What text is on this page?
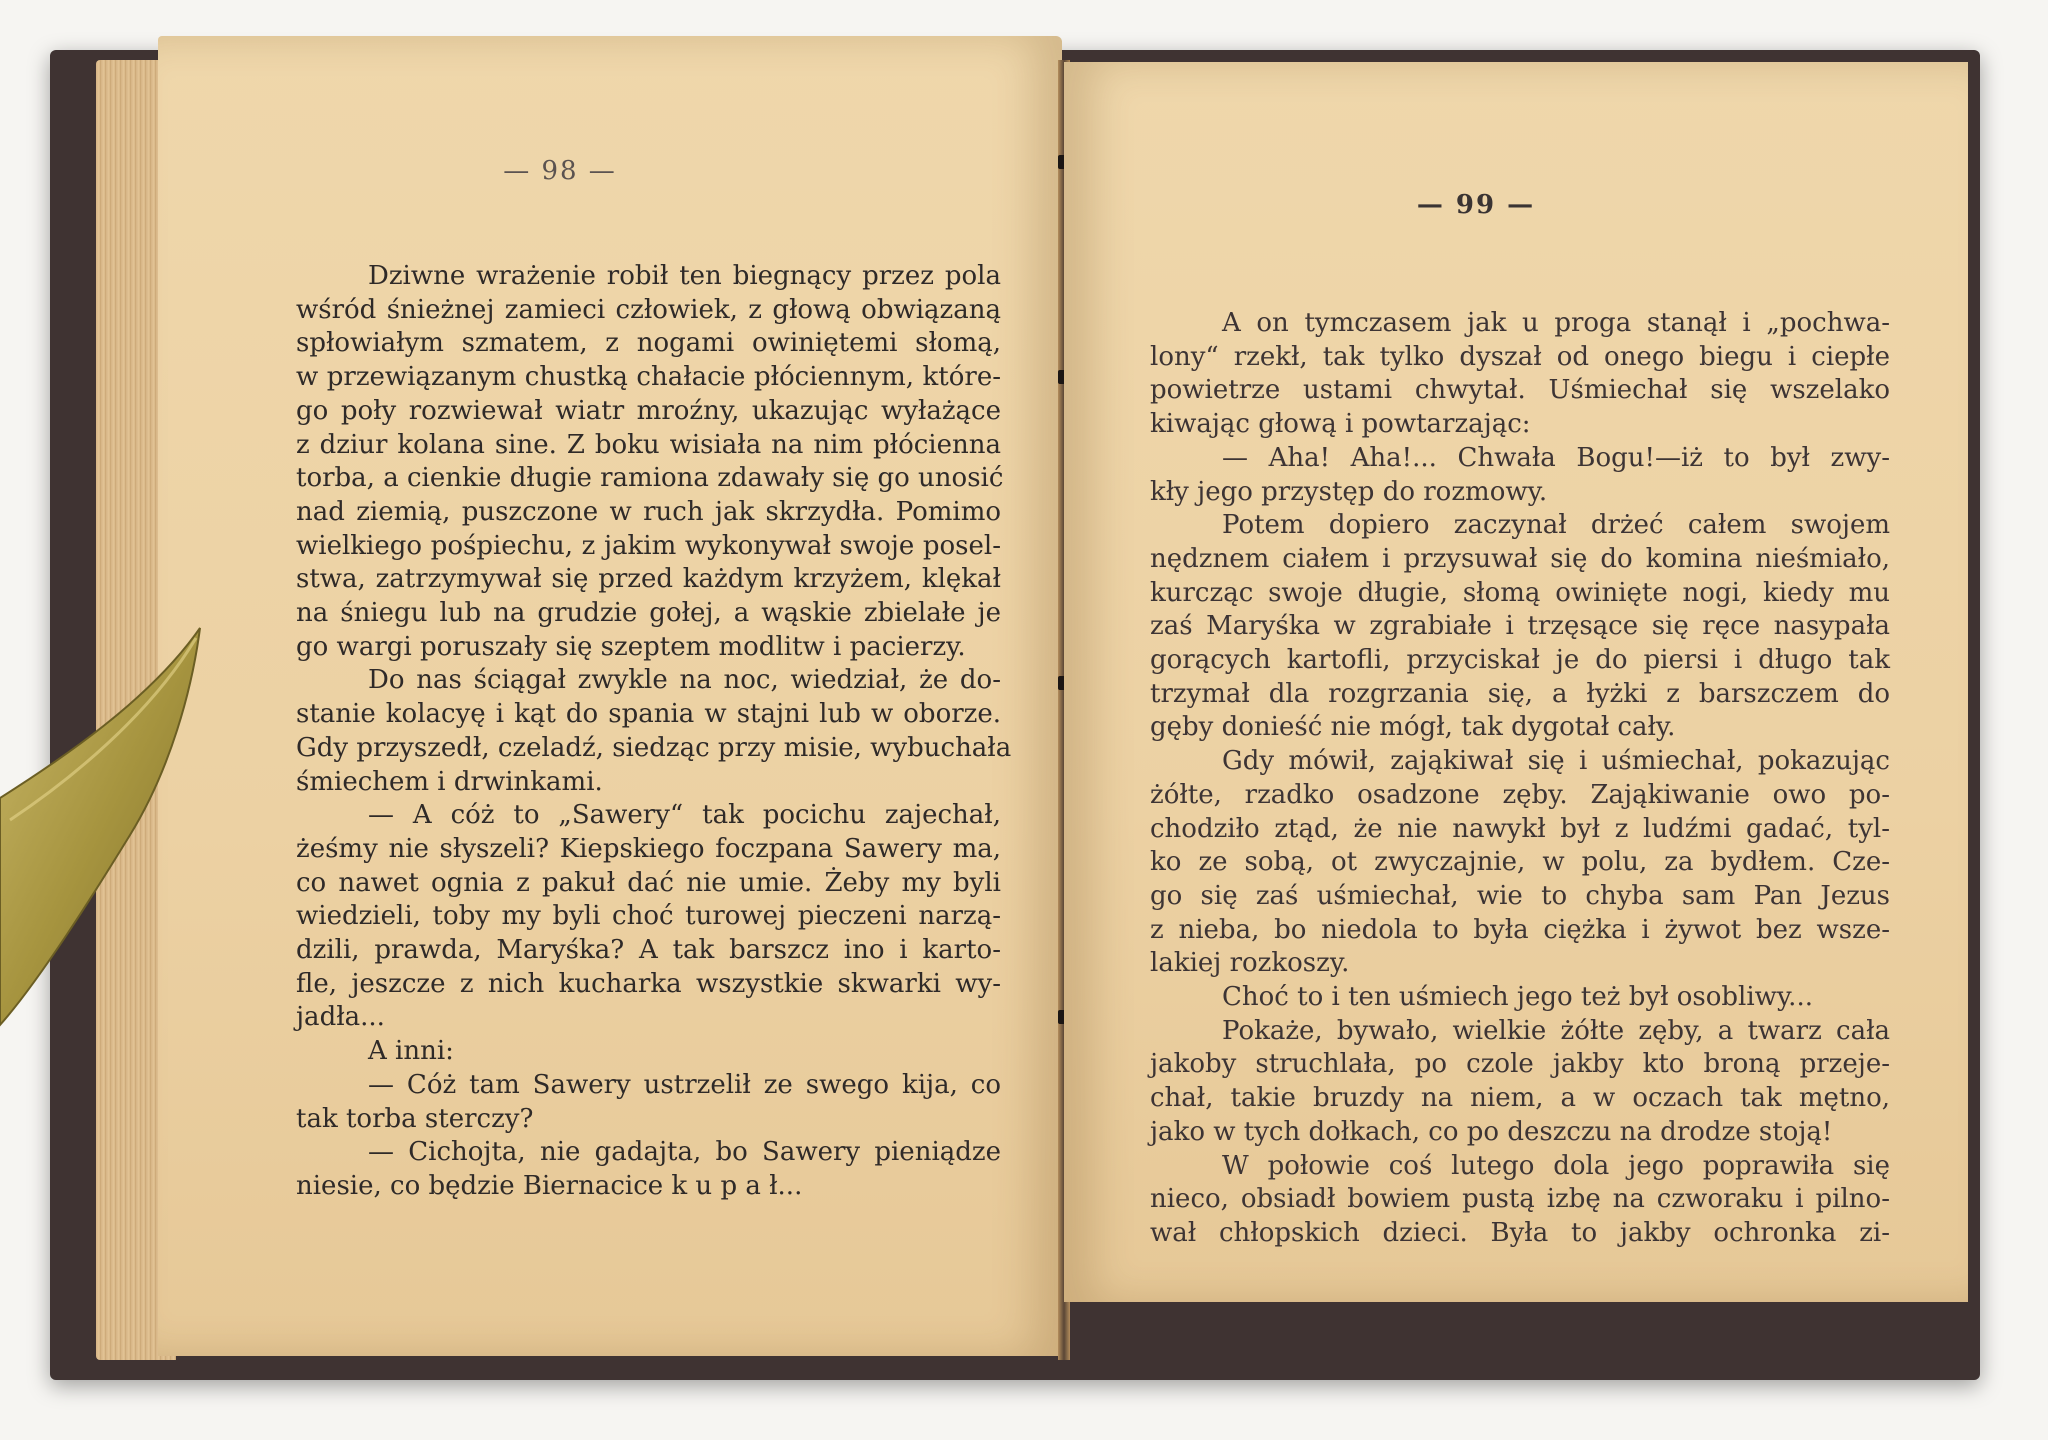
— 98 —
Dziwne wrażenie robił ten biegnący przez pola
wśród śnieżnej zamieci człowiek, z głową obwiązaną
spłowiałym szmatem, z nogami owiniętemi słomą,
w przewiązanym chustką chałacie płóciennym, które-
go poły rozwiewał wiatr mroźny, ukazując wyłażące
z dziur kolana sine. Z boku wisiała na nim płócienna
torba, a cienkie długie ramiona zdawały się go unosić
nad ziemią, puszczone w ruch jak skrzydła. Pomimo
wielkiego pośpiechu, z jakim wykonywał swoje posel-
stwa, zatrzymywał się przed każdym krzyżem, klękał
na śniegu lub na grudzie gołej, a wąskie zbielałe je
go wargi poruszały się szeptem modlitw i pacierzy.
Do nas ściągał zwykle na noc, wiedział, że do-
stanie kolacyę i kąt do spania w stajni lub w oborze.
Gdy przyszedł, czeladź, siedząc przy misie, wybuchała
śmiechem i drwinkami.
— A cóż to „Sawery“ tak pocichu zajechał,
żeśmy nie słyszeli? Kiepskiego foczpana Sawery ma,
co nawet ognia z pakuł dać nie umie. Żeby my byli
wiedzieli, toby my byli choć turowej pieczeni narzą-
dzili, prawda, Maryśka? A tak barszcz ino i karto-
fle, jeszcze z nich kucharka wszystkie skwarki wy-
jadła...
A inni:
— Cóż tam Sawery ustrzelił ze swego kija, co
tak torba sterczy?
— Cichojta, nie gadajta, bo Sawery pieniądze
niesie, co będzie Biernacice k u p a ł...
— 99 —
A on tymczasem jak u proga stanął i „pochwa-
lony“ rzekł, tak tylko dyszał od onego biegu i ciepłe
powietrze ustami chwytał. Uśmiechał się wszelako
kiwając głową i powtarzając:
— Aha! Aha!... Chwała Bogu!—iż to był zwy-
kły jego przystęp do rozmowy.
Potem dopiero zaczynał drżeć całem swojem
nędznem ciałem i przysuwał się do komina nieśmiało,
kurcząc swoje długie, słomą owinięte nogi, kiedy mu
zaś Maryśka w zgrabiałe i trzęsące się ręce nasypała
gorących kartofli, przyciskał je do piersi i długo tak
trzymał dla rozgrzania się, a łyżki z barszczem do
gęby donieść nie mógł, tak dygotał cały.
Gdy mówił, zająkiwał się i uśmiechał, pokazując
żółte, rzadko osadzone zęby. Zająkiwanie owo po-
chodziło ztąd, że nie nawykł był z ludźmi gadać, tyl-
ko ze sobą, ot zwyczajnie, w polu, za bydłem. Cze-
go się zaś uśmiechał, wie to chyba sam Pan Jezus
z nieba, bo niedola to była ciężka i żywot bez wsze-
lakiej rozkoszy.
Choć to i ten uśmiech jego też był osobliwy...
Pokaże, bywało, wielkie żółte zęby, a twarz cała
jakoby struchlała, po czole jakby kto broną przeje-
chał, takie bruzdy na niem, a w oczach tak mętno,
jako w tych dołkach, co po deszczu na drodze stoją!
W połowie coś lutego dola jego poprawiła się
nieco, obsiadł bowiem pustą izbę na czworaku i pilno-
wał chłopskich dzieci. Była to jakby ochronka zi-
